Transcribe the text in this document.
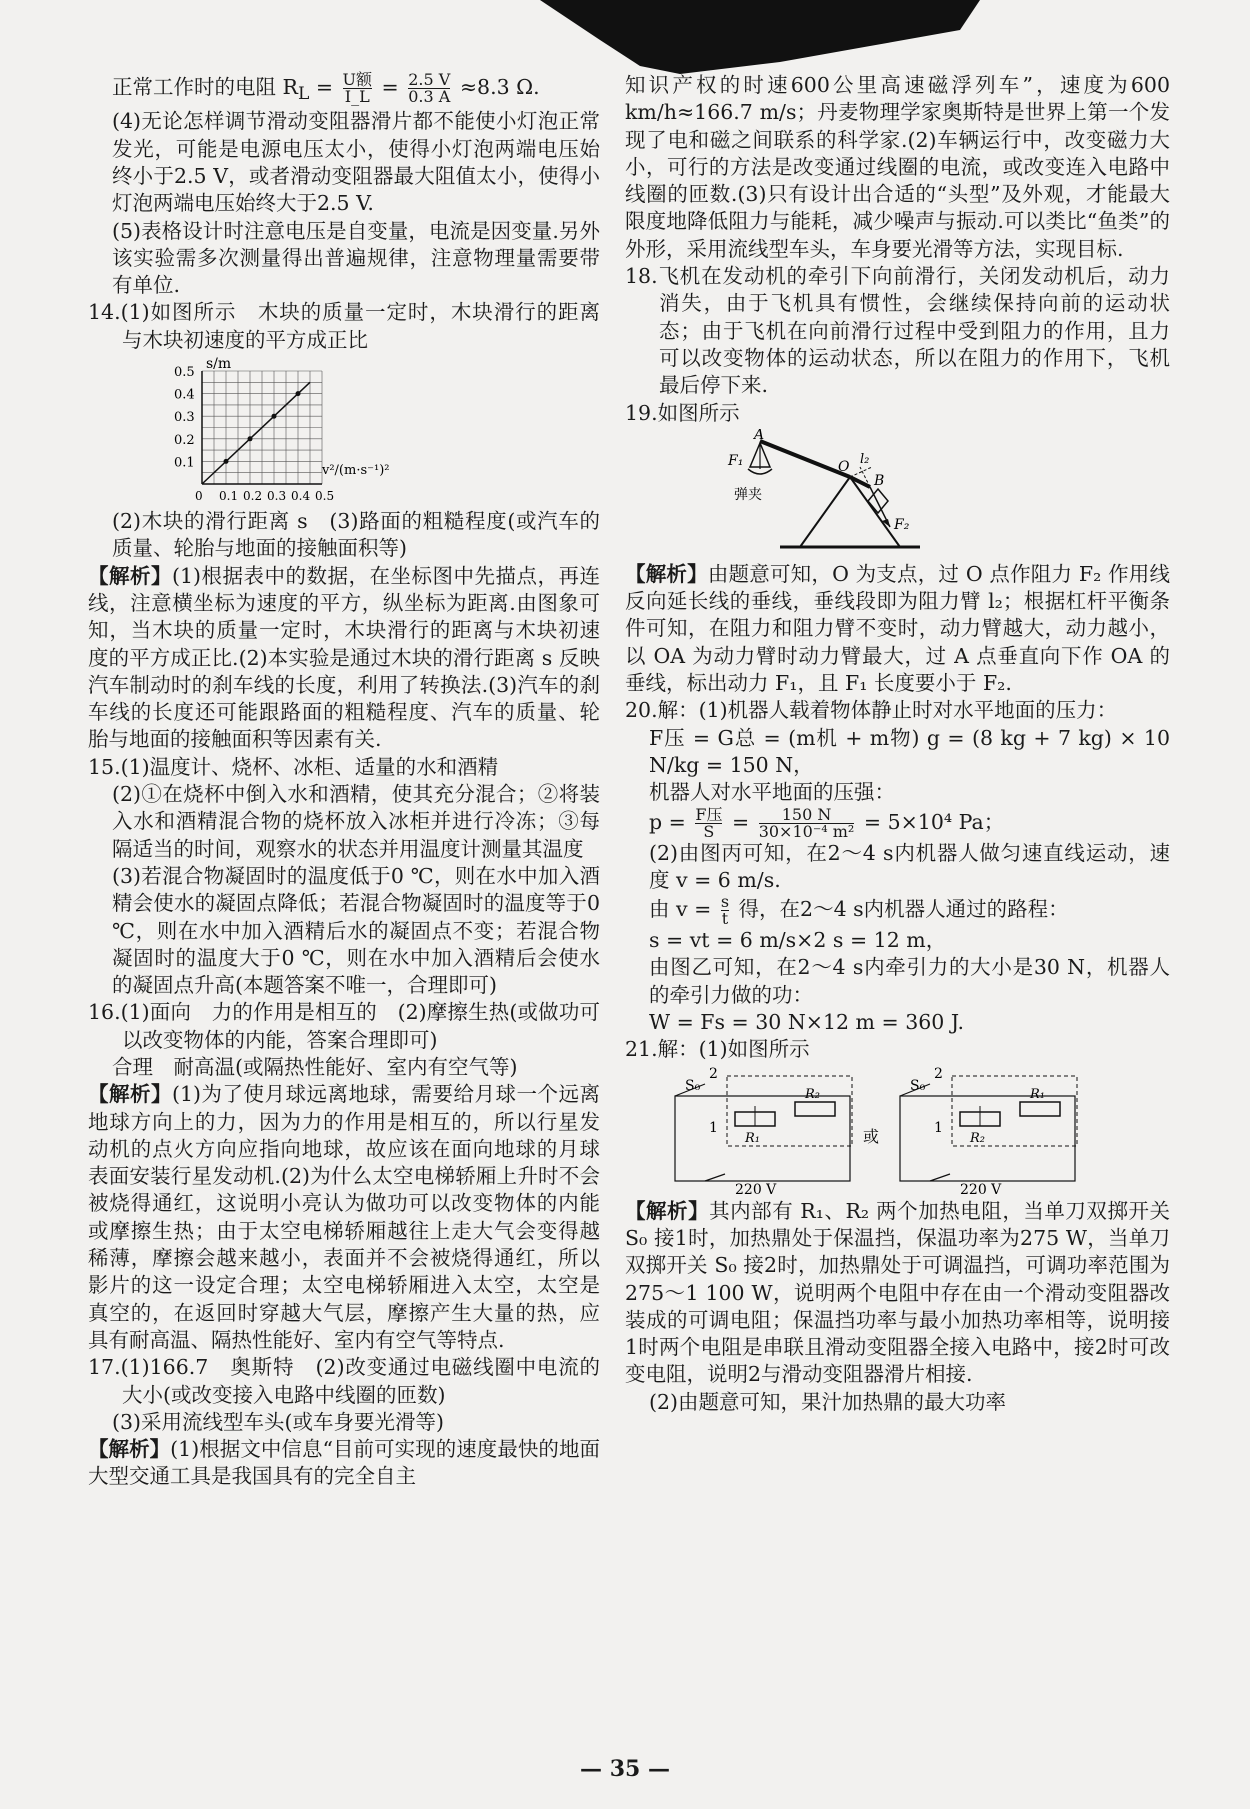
正常工作时的电阻 $R_L = \frac{\text{U额}}{I\_L} = \frac{2.5 V}{0.3 A} \approx 8.3$ Ω.

(4)无论怎样调节滑动变阻器滑片都不能使小灯泡正常发光，可能是电源电压太小，使得小灯泡两端电压始终小于2.5 V，或者滑动变阻器最大阻值太小，使得小灯泡两端电压始终大于2.5 V.

(5)表格设计时注意电压是自变量，电流是因变量.另外该实验需多次测量得出普遍规律，注意物理量需要带有单位.

14.(1)如图所示　木块的质量一定时，木块滑行的距离与木块初速度的平方成正比

s/m
0.5
0.4
0.3
0.2
0.1
0 0.1 0.2 0.3 0.4 0.5
v²/(m·s⁻¹)²

(2)木块的滑行距离 s　(3)路面的粗糙程度(或汽车的质量、轮胎与地面的接触面积等)

【解析】(1)根据表中的数据，在坐标图中先描点，再连线，注意横坐标为速度的平方，纵坐标为距离.由图象可知，当木块的质量一定时，木块滑行的距离与木块初速度的平方成正比.(2)本实验是通过木块的滑行距离 s 反映汽车制动时的刹车线的长度，利用了转换法.(3)汽车的刹车线的长度还可能跟路面的粗糙程度、汽车的质量、轮胎与地面的接触面积等因素有关.

15.(1)温度计、烧杯、冰柜、适量的水和酒精

(2)①在烧杯中倒入水和酒精，使其充分混合；②将装入水和酒精混合物的烧杯放入冰柜并进行冷冻；③每隔适当的时间，观察水的状态并用温度计测量其温度

(3)若混合物凝固时的温度低于0 ℃，则在水中加入酒精会使水的凝固点降低；若混合物凝固时的温度等于0 ℃，则在水中加入酒精后水的凝固点不变；若混合物凝固时的温度大于0 ℃，则在水中加入酒精后会使水的凝固点升高(本题答案不唯一，合理即可)

16.(1)面向　力的作用是相互的　(2)摩擦生热(或做功可以改变物体的内能，答案合理即可)

合理　耐高温(或隔热性能好、室内有空气等)

【解析】(1)为了使月球远离地球，需要给月球一个远离地球方向上的力，因为力的作用是相互的，所以行星发动机的点火方向应指向地球，故应该在面向地球的月球表面安装行星发动机.(2)为什么太空电梯轿厢上升时不会被烧得通红，这说明小亮认为做功可以改变物体的内能或摩擦生热；由于太空电梯轿厢越往上走大气会变得越稀薄，摩擦会越来越小，表面并不会被烧得通红，所以影片的这一设定合理；太空电梯轿厢进入太空，太空是真空的，在返回时穿越大气层，摩擦产生大量的热，应具有耐高温、隔热性能好、室内有空气等特点.

17.(1)166.7　奥斯特　(2)改变通过电磁线圈中电流的大小(或改变接入电路中线圈的匝数)

(3)采用流线型车头(或车身要光滑等)

【解析】(1)根据文中信息“目前可实现的速度最快的地面大型交通工具是我国具有的完全自主

知识产权的时速600公里高速磁浮列车”，速度为600 km/h≈166.7 m/s；丹麦物理学家奥斯特是世界上第一个发现了电和磁之间联系的科学家.(2)车辆运行中，改变磁力大小，可行的方法是改变通过线圈的电流，或改变连入电路中线圈的匝数.(3)只有设计出合适的“头型”及外观，才能最大限度地降低阻力与能耗，减少噪声与振动.可以类比“鱼类”的外形，采用流线型车头，车身要光滑等方法，实现目标.

18.飞机在发动机的牵引下向前滑行，关闭发动机后，动力消失，由于飞机具有惯性，会继续保持向前的运动状态；由于飞机在向前滑行过程中受到阻力的作用，且力可以改变物体的运动状态，所以在阻力的作用下，飞机最后停下来.

19.如图所示

A
O
B
F₁
F₂
l₂
弹夹

【解析】由题意可知，O 为支点，过 O 点作阻力 F₂ 作用线反向延长线的垂线，垂线段即为阻力臂 l₂；根据杠杆平衡条件可知，在阻力和阻力臂不变时，动力臂越大，动力越小，以 OA 为动力臂时动力臂最大，过 A 点垂直向下作 OA 的垂线，标出动力 F₁，且 F₁ 长度要小于 F₂.

20.解：(1)机器人载着物体静止时对水平地面的压力：

F压 = G总 = (m机 + m物) g = (8 kg + 7 kg) × 10 N/kg = 150 N，

机器人对水平地面的压强：

$p = \frac{\text{F压}}{S} = \frac{150 N}{\text{30×10⁻⁴ m²}} = 5\times 10^4$ Pa；

(2)由图丙可知，在2～4 s内机器人做匀速直线运动，速度 v = 6 m/s.

由 $v = \frac{s}{t}$ 得，在2～4 s内机器人通过的路程：

s = vt = 6 m/s×2 s = 12 m，

由图乙可知，在2～4 s内牵引力的大小是30 N，机器人的牵引力做的功：

W = Fs = 30 N×12 m = 360 J.

21.解：(1)如图所示

S₀
2
1
R₁
R₂
220 V
或
S₀
2
1
R₂
R₁
220 V

【解析】其内部有 R₁、R₂ 两个加热电阻，当单刀双掷开关 S₀ 接1时，加热鼎处于保温挡，保温功率为275 W，当单刀双掷开关 S₀ 接2时，加热鼎处于可调温挡，可调功率范围为275～1 100 W，说明两个电阻中存在由一个滑动变阻器改装成的可调电阻；保温挡功率与最小加热功率相等，说明接1时两个电阻是串联且滑动变阻器全接入电路中，接2时可改变电阻，说明2与滑动变阻器滑片相接.

(2)由题意可知，果汁加热鼎的最大功率

— 35 —
